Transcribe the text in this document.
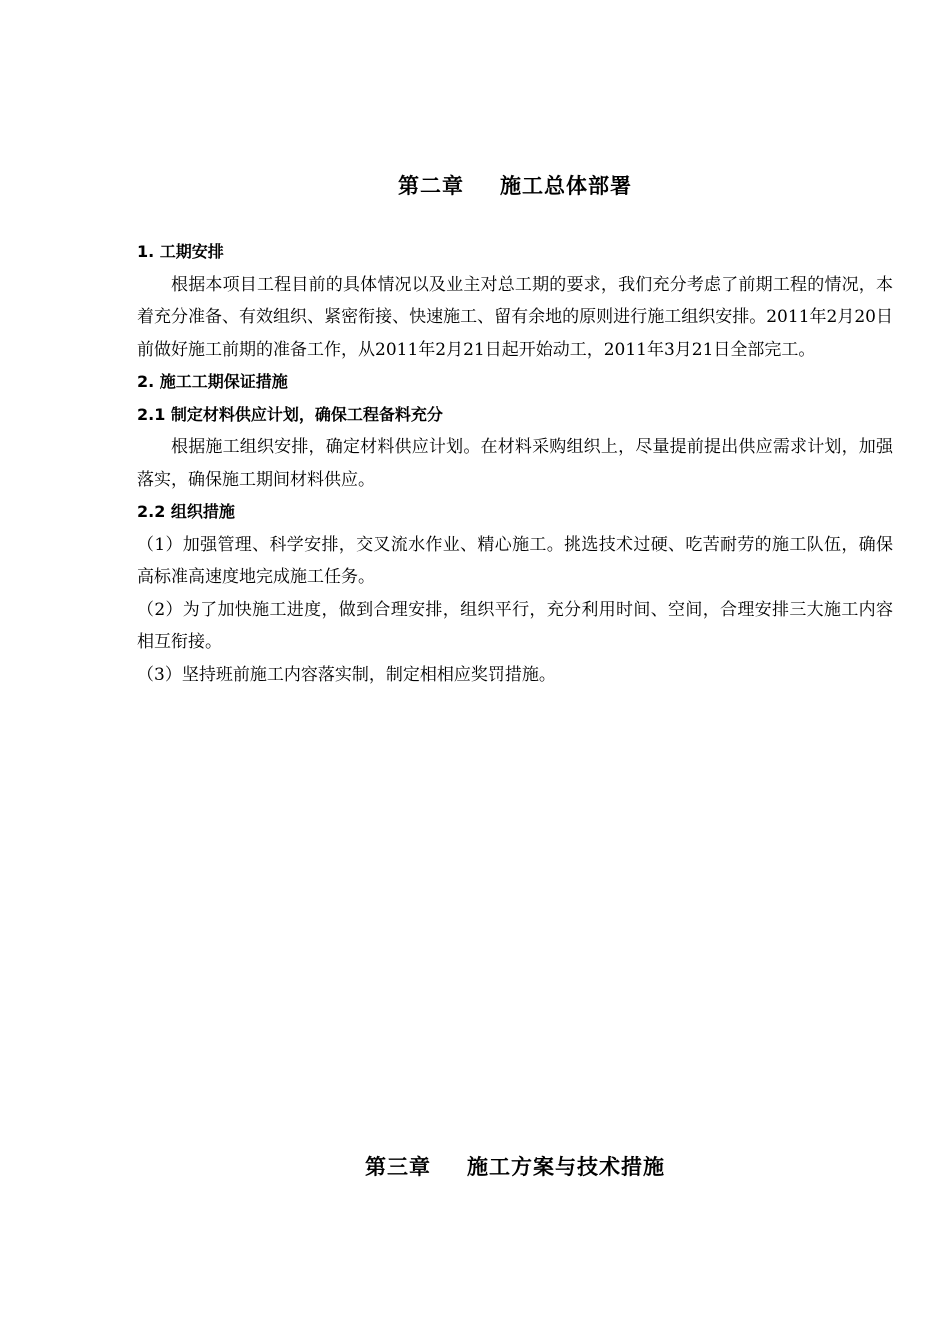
第二章 施工总体部署

1. 工期安排

根据本项目工程目前的具体情况以及业主对总工期的要求，我们充分考虑了前期工程的情况，本着充分准备、有效组织、紧密衔接、快速施工、留有余地的原则进行施工组织安排。2011年2月20日前做好施工前期的准备工作，从2011年2月21日起开始动工，2011年3月21日全部完工。

2. 施工工期保证措施

2.1 制定材料供应计划，确保工程备料充分

根据施工组织安排，确定材料供应计划。在材料采购组织上，尽量提前提出供应需求计划，加强落实，确保施工期间材料供应。

2.2 组织措施

（1）加强管理、科学安排，交叉流水作业、精心施工。挑选技术过硬、吃苦耐劳的施工队伍，确保高标准高速度地完成施工任务。

（2）为了加快施工进度，做到合理安排，组织平行，充分利用时间、空间，合理安排三大施工内容相互衔接。

（3）坚持班前施工内容落实制，制定相相应奖罚措施。

第三章 施工方案与技术措施
